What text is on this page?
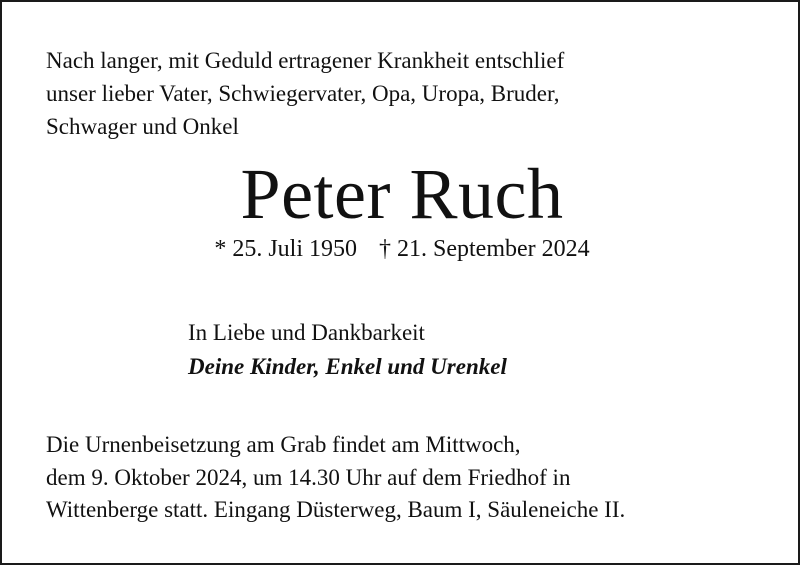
Nach langer, mit Geduld ertragener Krankheit entschlief
unser lieber Vater, Schwiegervater, Opa, Uropa, Bruder,
Schwager und Onkel
Peter Ruch
* 25. Juli 1950 † 21. September 2024
In Liebe und Dankbarkeit
Deine Kinder, Enkel und Urenkel
Die Urnenbeisetzung am Grab findet am Mittwoch,
dem 9. Oktober 2024, um 14.30 Uhr auf dem Friedhof in
Wittenberge statt. Eingang Düsterweg, Baum I, Säuleneiche II.
